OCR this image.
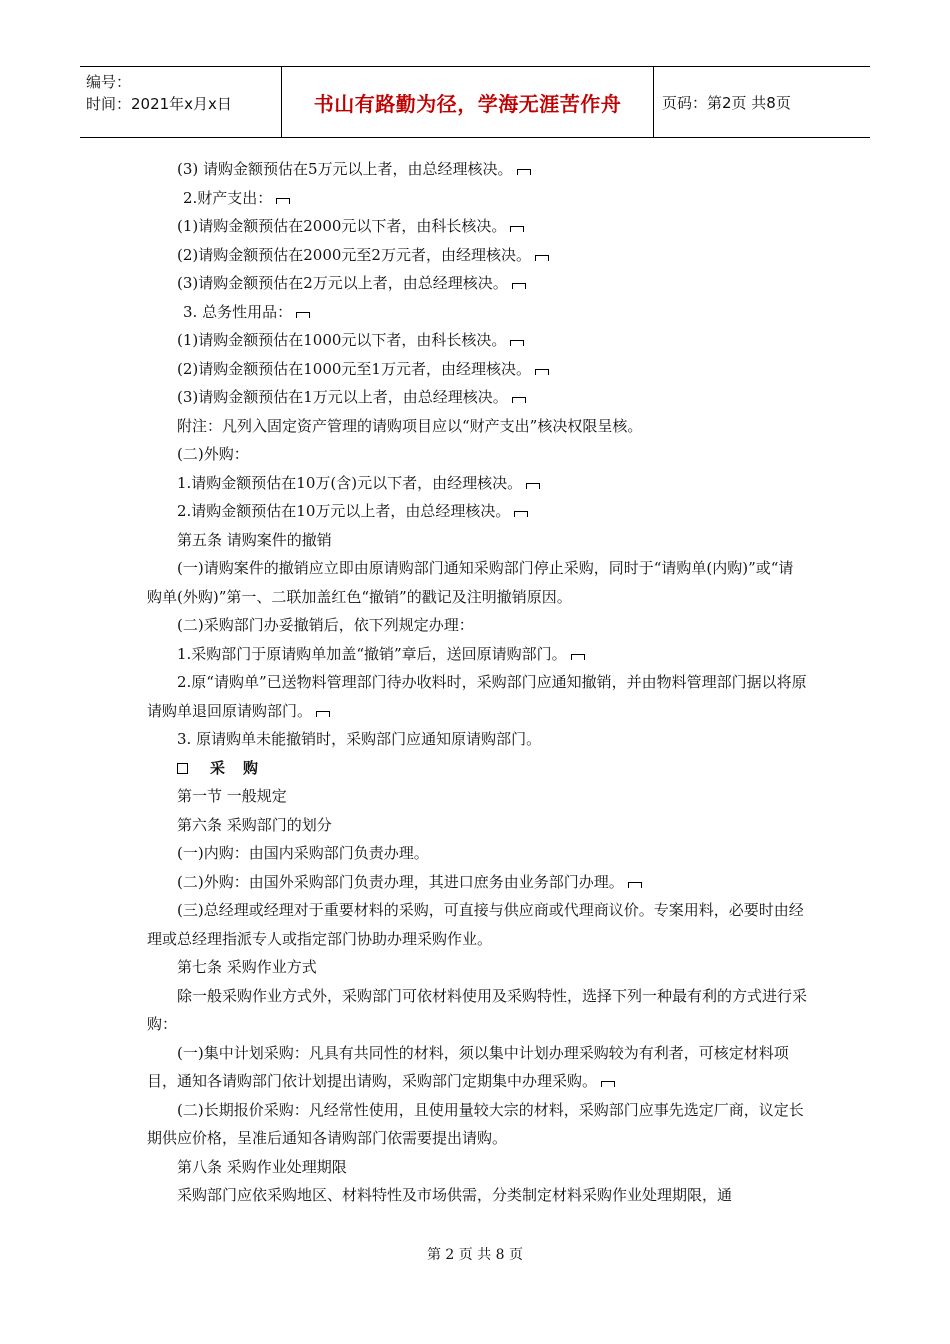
编号：
时间：2021年x月x日	书山有路勤为径，学海无涯苦作舟	页码：第2页 共8页
(3) 请购金额预估在5万元以上者，由总经理核决。
2.财产支出：
(1)请购金额预估在2000元以下者，由科长核决。
(2)请购金额预估在2000元至2万元者，由经理核决。
(3)请购金额预估在2万元以上者，由总经理核决。
3. 总务性用品：
(1)请购金额预估在1000元以下者，由科长核决。
(2)请购金额预估在1000元至1万元者，由经理核决。
(3)请购金额预估在1万元以上者，由总经理核决。
附注：凡列入固定资产管理的请购项目应以“财产支出”核决权限呈核。
(二)外购：
1.请购金额预估在10万(含)元以下者，由经理核决。
2.请购金额预估在10万元以上者，由总经理核决。
第五条 请购案件的撤销
(一)请购案件的撤销应立即由原请购部门通知采购部门停止采购，同时于“请购单(内购)”或“请购单(外购)”第一、二联加盖红色“撤销”的戳记及注明撤销原因。
(二)采购部门办妥撤销后，依下列规定办理：
1.采购部门于原请购单加盖“撤销”章后，送回原请购部门。
2.原“请购单”已送物料管理部门待办收料时，采购部门应通知撤销，并由物料管理部门据以将原请购单退回原请购部门。
3. 原请购单未能撤销时，采购部门应通知原请购部门。
采购
第一节 一般规定
第六条 采购部门的划分
(一)内购：由国内采购部门负责办理。
(二)外购：由国外采购部门负责办理，其进口庶务由业务部门办理。
(三)总经理或经理对于重要材料的采购，可直接与供应商或代理商议价。专案用料，必要时由经理或总经理指派专人或指定部门协助办理采购作业。
第七条 采购作业方式
除一般采购作业方式外，采购部门可依材料使用及采购特性，选择下列一种最有利的方式进行采购：
(一)集中计划采购：凡具有共同性的材料，须以集中计划办理采购较为有利者，可核定材料项目，通知各请购部门依计划提出请购，采购部门定期集中办理采购。
(二)长期报价采购：凡经常性使用，且使用量较大宗的材料，采购部门应事先选定厂商，议定长期供应价格，呈准后通知各请购部门依需要提出请购。
第八条 采购作业处理期限
采购部门应依采购地区、材料特性及市场供需，分类制定材料采购作业处理期限，通
第 2 页 共 8 页
